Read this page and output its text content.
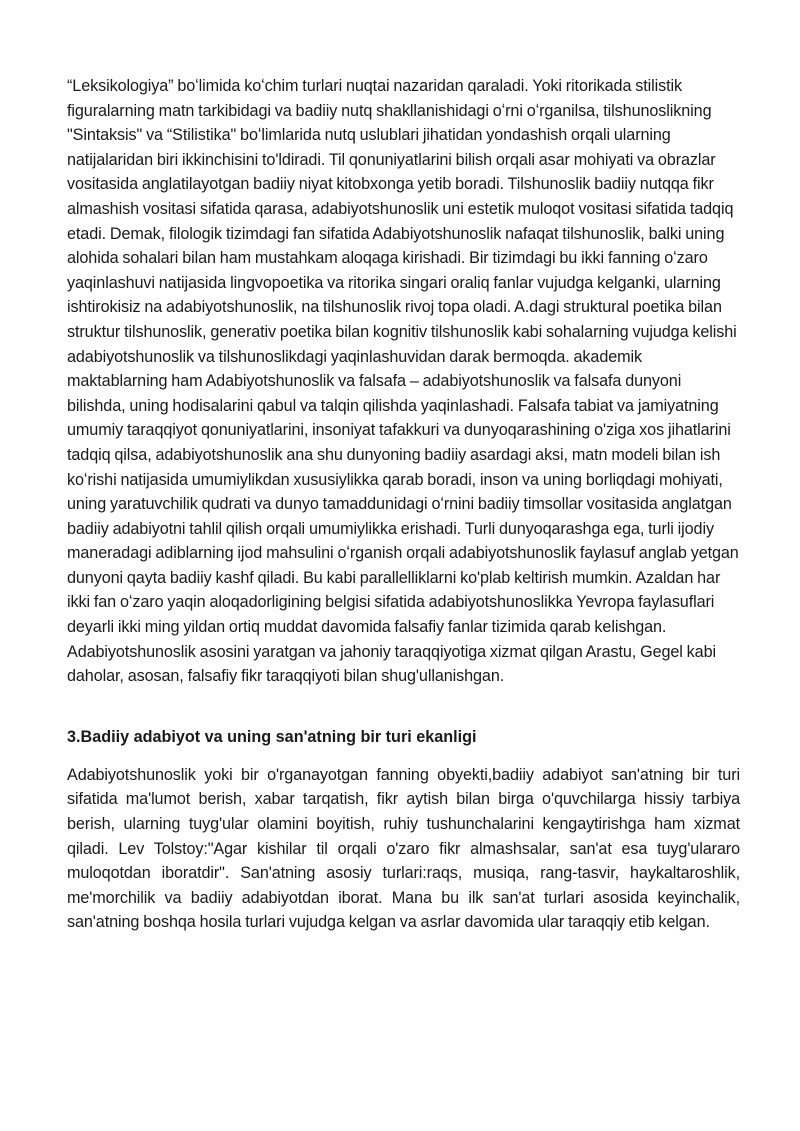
“Leksikologiya” boʻlimida koʻchim turlari nuqtai nazaridan qaraladi. Yoki ritorikada stilistik figuralarning matn tarkibidagi va badiiy nutq shakllanishidagi oʻrni oʻrganilsa, tilshunoslikning "Sintaksis" va “Stilistika" boʻlimlarida nutq uslublari jihatidan yondashish orqali ularning natijalaridan biri ikkinchisini to'ldiradi. Til qonuniyatlarini bilish orqali asar mohiyati va obrazlar vositasida anglatilayotgan badiiy niyat kitobxonga yetib boradi. Tilshunoslik badiiy nutqqa fikr almashish vositasi sifatida qarasa, adabiyotshunoslik uni estetik muloqot vositasi sifatida tadqiq etadi. Demak, filologik tizimdagi fan sifatida Adabiyotshunoslik nafaqat tilshunoslik, balki uning alohida sohalari bilan ham mustahkam aloqaga kirishadi. Bir tizimdagi bu ikki fanning oʻzaro yaqinlashuvi natijasida lingvopoetika va ritorika singari oraliq fanlar vujudga kelganki, ularning ishtirokisiz na adabiyotshunoslik, na tilshunoslik rivoj topa oladi. A.dagi struktural poetika bilan struktur tilshunoslik, generativ poetika bilan kognitiv tilshunoslik kabi sohalarning vujudga kelishi adabiyotshunoslik va tilshunoslikdagi yaqinlashuvidan darak bermoqda. akademik maktablarning ham Adabiyotshunoslik va falsafa – adabiyotshunoslik va falsafa dunyoni bilishda, uning hodisalarini qabul va talqin qilishda yaqinlashadi. Falsafa tabiat va jamiyatning umumiy taraqqiyot qonuniyatlarini, insoniyat tafakkuri va dunyoqarashining o'ziga xos jihatlarini tadqiq qilsa, adabiyotshunoslik ana shu dunyoning badiiy asardagi aksi, matn modeli bilan ish koʻrishi natijasida umumiylikdan xususiylikka qarab boradi, inson va uning borliqdagi mohiyati, uning yaratuvchilik qudrati va dunyo tamaddunidagi oʻrnini badiiy timsollar vositasida anglatgan badiiy adabiyotni tahlil qilish orqali umumiylikka erishadi. Turli dunyoqarashga ega, turli ijodiy maneradagi adiblarning ijod mahsulini oʻrganish orqali adabiyotshunoslik faylasuf anglab yetgan dunyoni qayta badiiy kashf qiladi. Bu kabi parallelliklarni ko'plab keltirish mumkin. Azaldan har ikki fan oʻzaro yaqin aloqadorligining belgisi sifatida adabiyotshunoslikka Yevropa faylasuflari deyarli ikki ming yildan ortiq muddat davomida falsafiy fanlar tizimida qarab kelishgan. Adabiyotshunoslik asosini yaratgan va jahoniy taraqqiyotiga xizmat qilgan Arastu, Gegel kabi daholar, asosan, falsafiy fikr taraqqiyoti bilan shug'ullanishgan.

3.Badiiy adabiyot va uning san'atning bir turi ekanligi

Adabiyotshunoslik yoki bir o'rganayotgan fanning obyekti,badiiy adabiyot san'atning bir turi sifatida ma'lumot berish, xabar tarqatish, fikr aytish bilan birga o'quvchilarga hissiy tarbiya berish, ularning tuyg'ular olamini boyitish, ruhiy tushunchalarini kengaytirishga ham xizmat qiladi. Lev Tolstoy:"Agar kishilar til orqali o'zaro fikr almashsalar, san'at esa tuyg'ulararo muloqotdan iboratdir". San'atning asosiy turlari:raqs, musiqa, rang-tasvir, haykaltaroshlik, me'morchilik va badiiy adabiyotdan iborat. Mana bu ilk san'at turlari asosida keyinchalik, san'atning boshqa hosila turlari vujudga kelgan va asrlar davomida ular taraqqiy etib kelgan.
